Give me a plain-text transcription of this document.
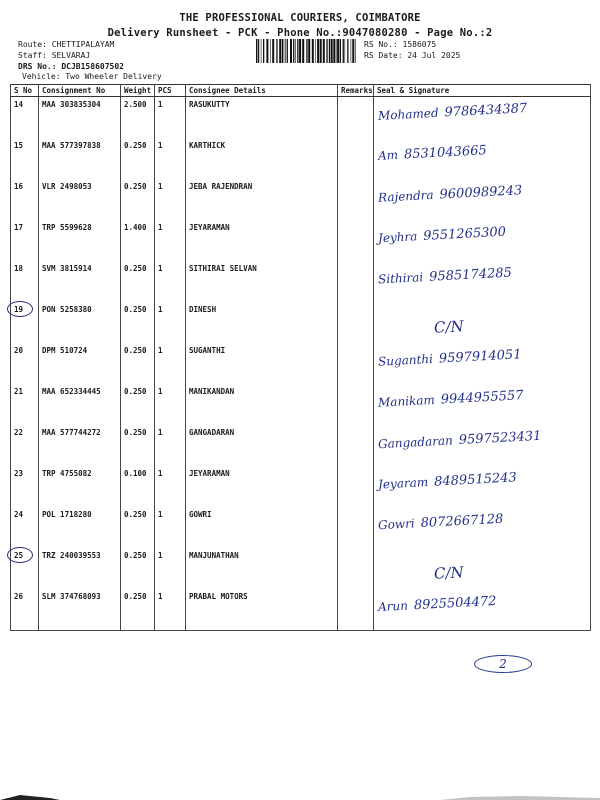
THE PROFESSIONAL COURIERS, COIMBATORE
Delivery Runsheet - PCK - Phone No.:9047080280 - Page No.:2
Route: CHETTIPALAYAM
Staff: SELVARAJ
DRS No.: DCJB158607502
Vehicle: Two Wheeler Delivery
RS No.: 1586075
RS Date: 24 Jul 2025
S No	Consignment No	Weight	PCS	Consignee Details	Remarks	Seal & Signature
14	MAA 303835304	2.500	1	RASUKUTTY		Mohamed 9786434387

15	MAA 577397838	0.250	1	KARTHICK		Am 8531043665

16	VLR 2498053	0.250	1	JEBA RAJENDRAN		Rajendra 9600989243

17	TRP 5599628	1.400	1	JEYARAMAN		Jeyhra 9551265300

18	SVM 3815914	0.250	1	SITHIRAI SELVAN		Sithirai 9585174285

19	PON 5258380	0.250	1	DINESH		C/N

20	DPM 510724	0.250	1	SUGANTHI		Suganthi 9597914051

21	MAA 652334445	0.250	1	MANIKANDAN		Manikam 9944955557

22	MAA 577744272	0.250	1	GANGADARAN		Gangadaran 9597523431

23	TRP 4755082	0.100	1	JEYARAMAN		Jeyaram 8489515243

24	POL 1718280	0.250	1	GOWRI		Gowri 8072667128

25	TRZ 240039553	0.250	1	MANJUNATHAN		C/N

26	SLM 374768093	0.250	1	PRABAL MOTORS		Arun 8925504472
2
